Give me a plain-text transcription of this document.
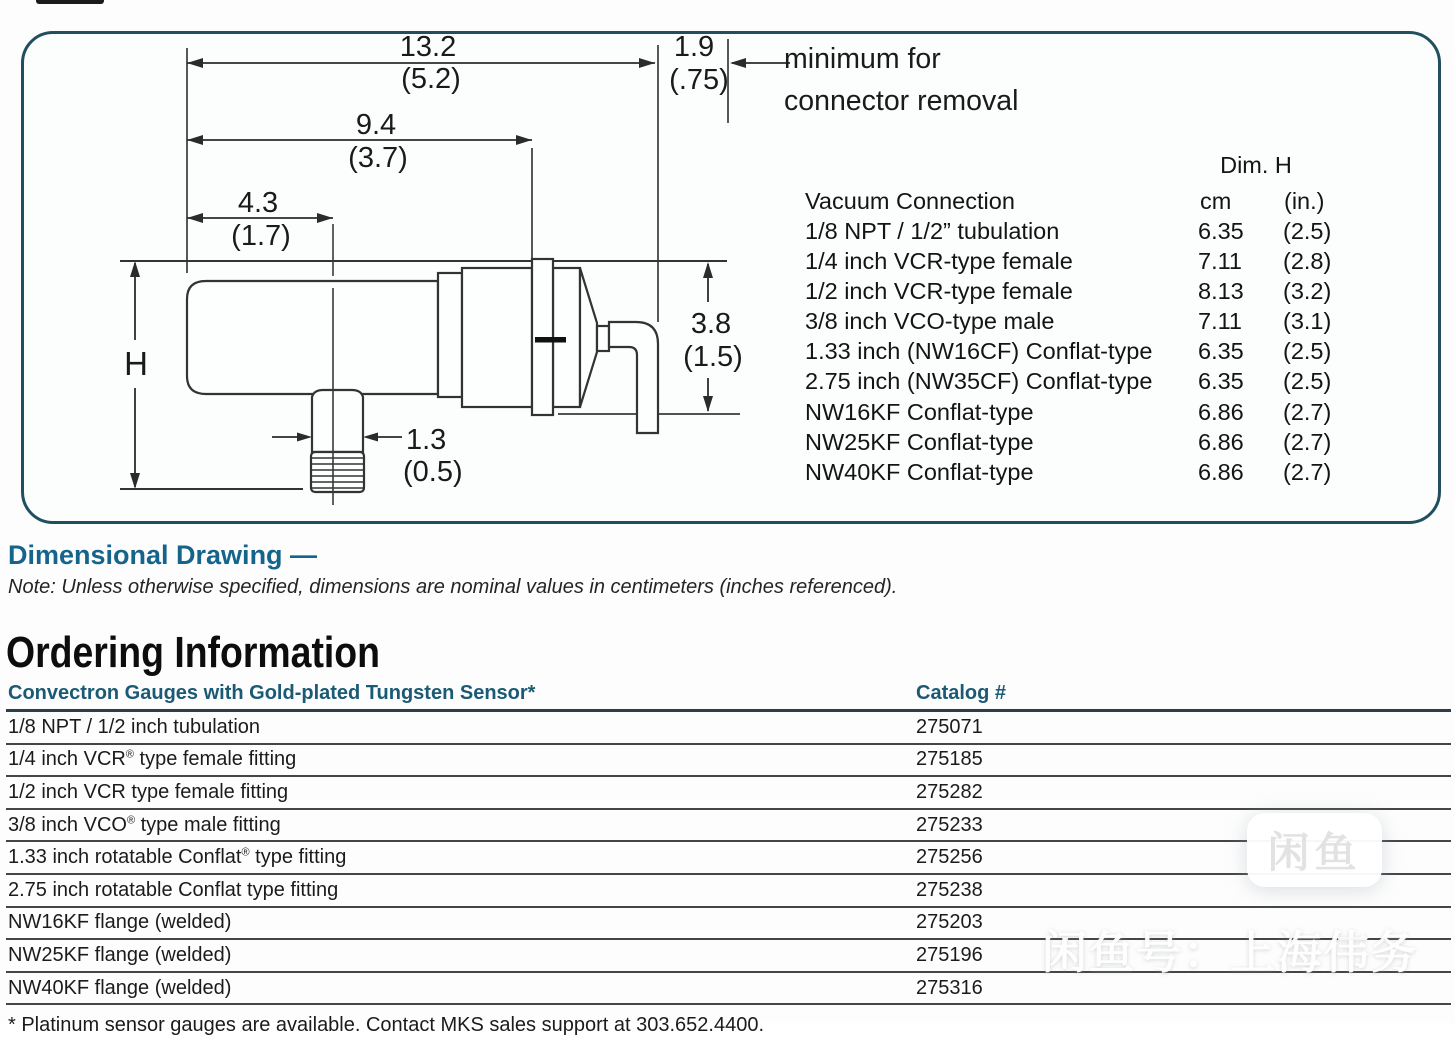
13.2
(5.2)
1.9
(.75)
9.4
(3.7)
4.3
(1.7)
3.8
(1.5)
1.3
(0.5)
H
minimum for
connector removal
Dim. H
Vacuum Connection	cm (in.)
1/8 NPT / 1/2” tubulation	6.35 (2.5)
1/4 inch VCR-type female	7.11 (2.8)
1/2 inch VCR-type female	8.13 (3.2)
3/8 inch VCO-type male	7.11 (3.1)
1.33 inch (NW16CF) Conflat-type 6.35 (2.5)
2.75 inch (NW35CF) Conflat-type 6.35 (2.5)
NW16KF Conflat-type	6.86 (2.7)
NW25KF Conflat-type	6.86 (2.7)
NW40KF Conflat-type	6.86 (2.7)
Dimensional Drawing —
Note: Unless otherwise specified, dimensions are nominal values in centimeters (inches referenced).
Ordering Information
Convectron Gauges with Gold-plated Tungsten Sensor*	Catalog #
1/8 NPT / 1/2 inch tubulation	275071
1/4 inch VCR® type female fitting	275185
1/2 inch VCR type female fitting	275282
3/8 inch VCO® type male fitting	275233
1.33 inch rotatable Conflat® type fitting	275256
2.75 inch rotatable Conflat type fitting	275238
NW16KF flange (welded)	275203
NW25KF flange (welded)	275196
NW40KF flange (welded)	275316
* Platinum sensor gauges are available. Contact MKS sales support at 303.652.4400.
闲鱼
闲鱼号：上海伟务
